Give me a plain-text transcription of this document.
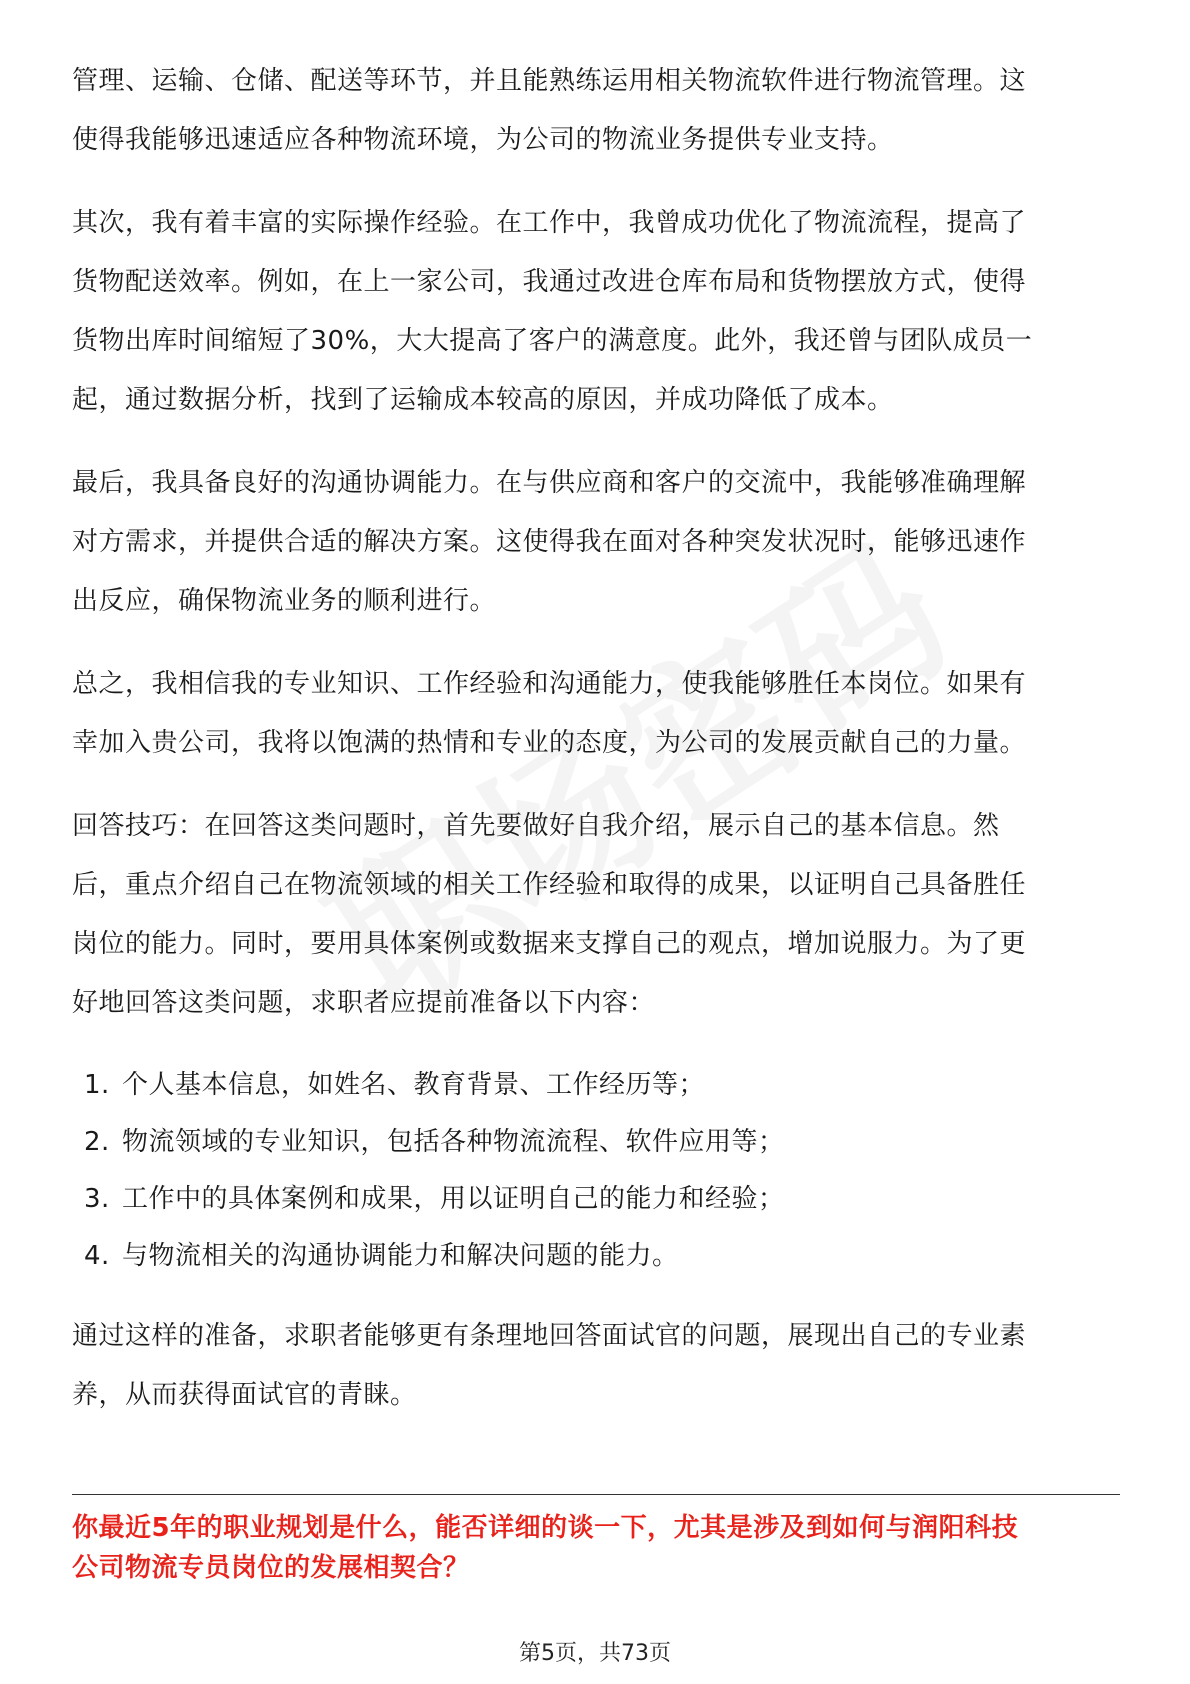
管理、运输、仓储、配送等环节，并且能熟练运用相关物流软件进行物流管理。这
使得我能够迅速适应各种物流环境，为公司的物流业务提供专业支持。

其次，我有着丰富的实际操作经验。在工作中，我曾成功优化了物流流程，提高了
货物配送效率。例如，在上一家公司，我通过改进仓库布局和货物摆放方式，使得
货物出库时间缩短了30%，大大提高了客户的满意度。此外，我还曾与团队成员一
起，通过数据分析，找到了运输成本较高的原因，并成功降低了成本。

最后，我具备良好的沟通协调能力。在与供应商和客户的交流中，我能够准确理解
对方需求，并提供合适的解决方案。这使得我在面对各种突发状况时，能够迅速作
出反应，确保物流业务的顺利进行。

总之，我相信我的专业知识、工作经验和沟通能力，使我能够胜任本岗位。如果有
幸加入贵公司，我将以饱满的热情和专业的态度，为公司的发展贡献自己的力量。

回答技巧：在回答这类问题时，首先要做好自我介绍，展示自己的基本信息。然
后，重点介绍自己在物流领域的相关工作经验和取得的成果，以证明自己具备胜任
岗位的能力。同时，要用具体案例或数据来支撑自己的观点，增加说服力。为了更
好地回答这类问题，求职者应提前准备以下内容：

1. 个人基本信息，如姓名、教育背景、工作经历等；
2. 物流领域的专业知识，包括各种物流流程、软件应用等；
3. 工作中的具体案例和成果，用以证明自己的能力和经验；
4. 与物流相关的沟通协调能力和解决问题的能力。

通过这样的准备，求职者能够更有条理地回答面试官的问题，展现出自己的专业素
养，从而获得面试官的青睐。

你最近5年的职业规划是什么，能否详细的谈一下，尤其是涉及到如何与润阳科技
公司物流专员岗位的发展相契合？
第5页，共73页
